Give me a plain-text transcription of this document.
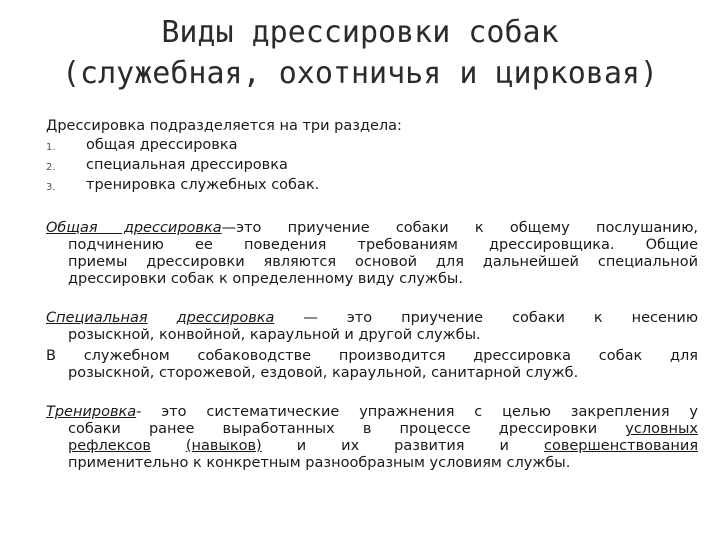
Виды дрессировки собак
(служебная, охотничья и цирковая)
Дрессировка подразделяется на три раздела:
1. общая дрессировка
2. специальная дрессировка
3. тренировка служебных собак.
Общая дрессировка—это приучение собаки к общему послушанию,
подчинению ее поведения требованиям дрессировщика. Общие
приемы дрессировки являются основой для дальнейшей специальной
дрессировки собак к определенному виду службы.
Специальная дрессировка — это приучение собаки к несению
розыскной, конвойной, караульной и другой службы.
В служебном собаководстве производится дрессировка собак для
розыскной, сторожевой, ездовой, караульной, санитарной служб.
Тренировка- это систематические упражнения с целью закрепления у
собаки ранее выработанных в процессе дрессировки условных
рефлексов (навыков) и их развития и совершенствования
применительно к конкретным разнообразным условиям службы.
